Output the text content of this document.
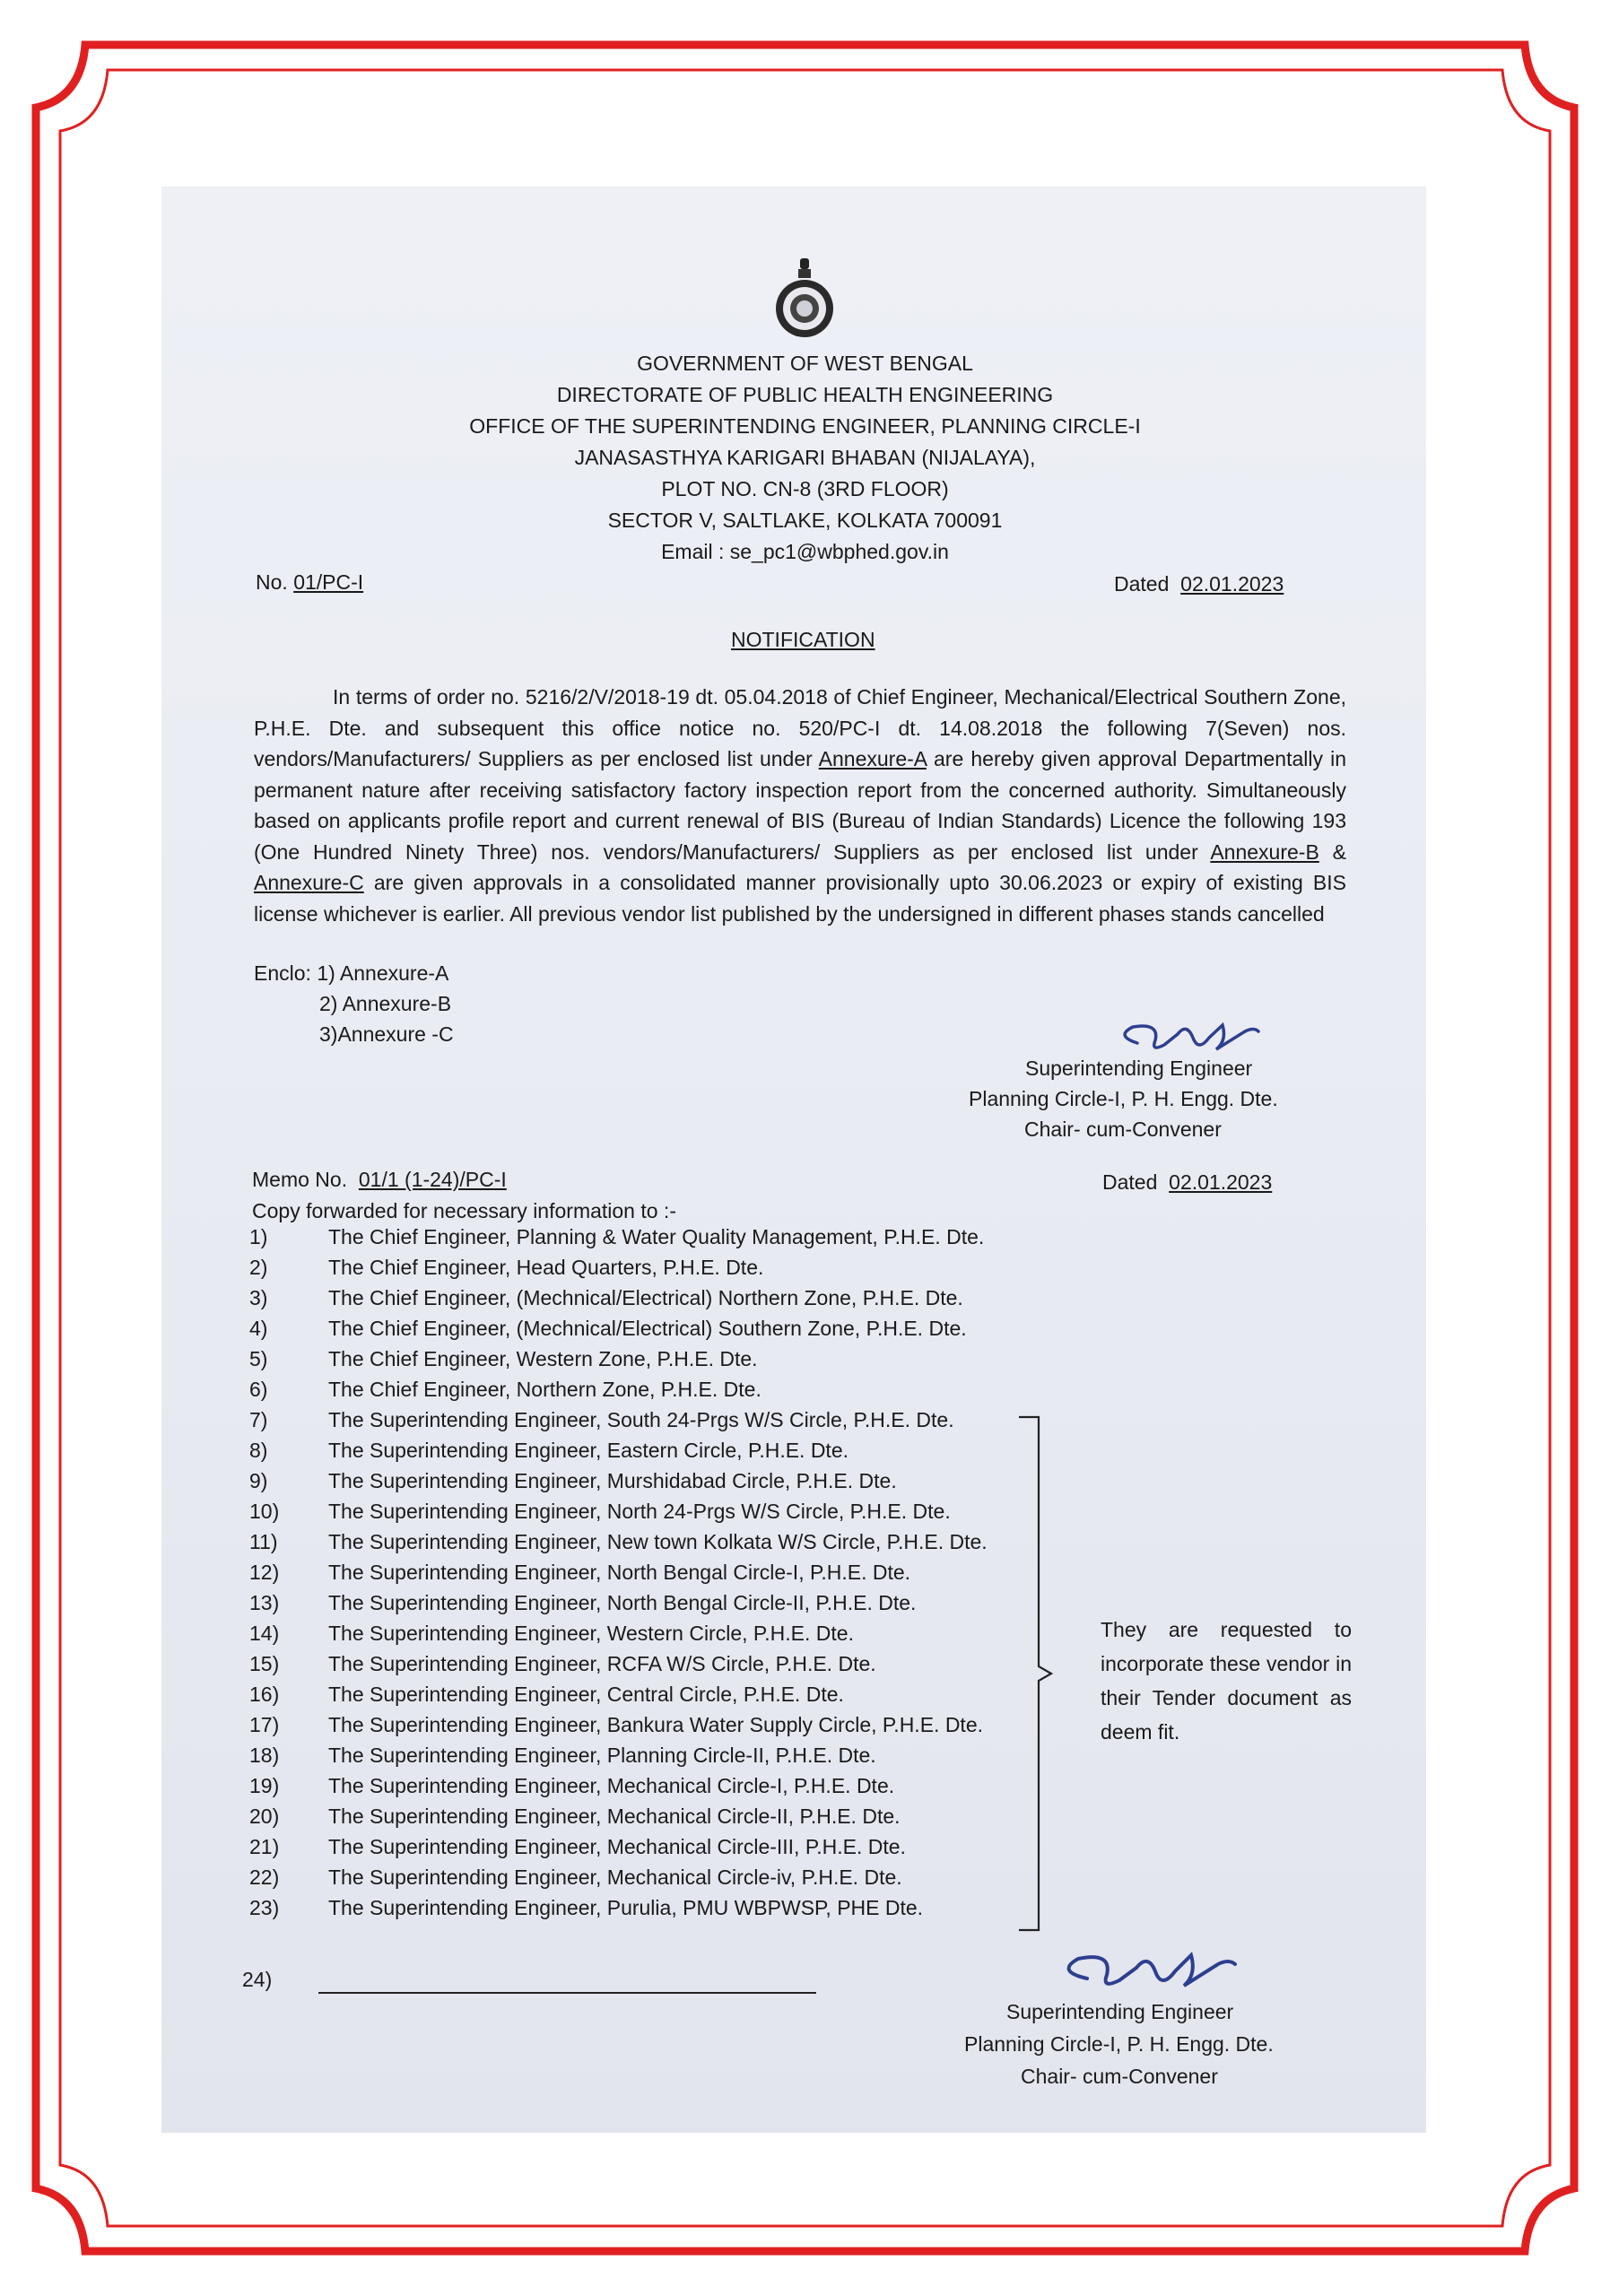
GOVERNMENT OF WEST BENGAL
DIRECTORATE OF PUBLIC HEALTH ENGINEERING
OFFICE OF THE SUPERINTENDING ENGINEER, PLANNING CIRCLE-I
JANASASTHYA KARIGARI BHABAN (NIJALAYA),
PLOT NO. CN-8 (3RD FLOOR)
SECTOR V, SALTLAKE, KOLKATA 700091
Email : se_pc1@wbphed.gov.in
No. 01/PC-I	Dated 02.01.2023
NOTIFICATION
In terms of order no. 5216/2/V/2018-19 dt. 05.04.2018 of Chief Engineer, Mechanical/Electrical Southern Zone, P.H.E. Dte. and subsequent this office notice no. 520/PC-I dt. 14.08.2018 the following 7(Seven) nos. vendors/Manufacturers/ Suppliers as per enclosed list under Annexure-A are hereby given approval Departmentally in permanent nature after receiving satisfactory factory inspection report from the concerned authority. Simultaneously based on applicants profile report and current renewal of BIS (Bureau of Indian Standards) Licence the following 193 (One Hundred Ninety Three) nos. vendors/Manufacturers/ Suppliers as per enclosed list under Annexure-B & Annexure-C are given approvals in a consolidated manner provisionally upto 30.06.2023 or expiry of existing BIS license whichever is earlier. All previous vendor list published by the undersigned in different phases stands cancelled
Enclo: 1) Annexure-A
2) Annexure-B
3)Annexure -C
Superintending Engineer
Planning Circle-I, P. H. Engg. Dte.
Chair- cum-Convener
Memo No. 01/1 (1-24)/PC-I	Dated 02.01.2023
Copy forwarded for necessary information to :-
1)	The Chief Engineer, Planning & Water Quality Management, P.H.E. Dte.
2)	The Chief Engineer, Head Quarters, P.H.E. Dte.
3)	The Chief Engineer, (Mechnical/Electrical) Northern Zone, P.H.E. Dte.
4)	The Chief Engineer, (Mechnical/Electrical) Southern Zone, P.H.E. Dte.
5)	The Chief Engineer, Western Zone, P.H.E. Dte.
6)	The Chief Engineer, Northern Zone, P.H.E. Dte.
7)	The Superintending Engineer, South 24-Prgs W/S Circle, P.H.E. Dte.
8)	The Superintending Engineer, Eastern Circle, P.H.E. Dte.
9)	The Superintending Engineer, Murshidabad Circle, P.H.E. Dte.
10) The Superintending Engineer, North 24-Prgs W/S Circle, P.H.E. Dte.
11) The Superintending Engineer, New town Kolkata W/S Circle, P.H.E. Dte.
12) The Superintending Engineer, North Bengal Circle-I, P.H.E. Dte.
13) The Superintending Engineer, North Bengal Circle-II, P.H.E. Dte.
14) The Superintending Engineer, Western Circle, P.H.E. Dte.
15) The Superintending Engineer, RCFA W/S Circle, P.H.E. Dte.
16) The Superintending Engineer, Central Circle, P.H.E. Dte.
17) The Superintending Engineer, Bankura Water Supply Circle, P.H.E. Dte.
18) The Superintending Engineer, Planning Circle-II, P.H.E. Dte.
19) The Superintending Engineer, Mechanical Circle-I, P.H.E. Dte.
20) The Superintending Engineer, Mechanical Circle-II, P.H.E. Dte.
21) The Superintending Engineer, Mechanical Circle-III, P.H.E. Dte.
22) The Superintending Engineer, Mechanical Circle-iv, P.H.E. Dte.
23) The Superintending Engineer, Purulia, PMU WBPWSP, PHE Dte.
They are requested to incorporate these vendor in their Tender document as deem fit.
24)
Superintending Engineer
Planning Circle-I, P. H. Engg. Dte.
Chair- cum-Convener
